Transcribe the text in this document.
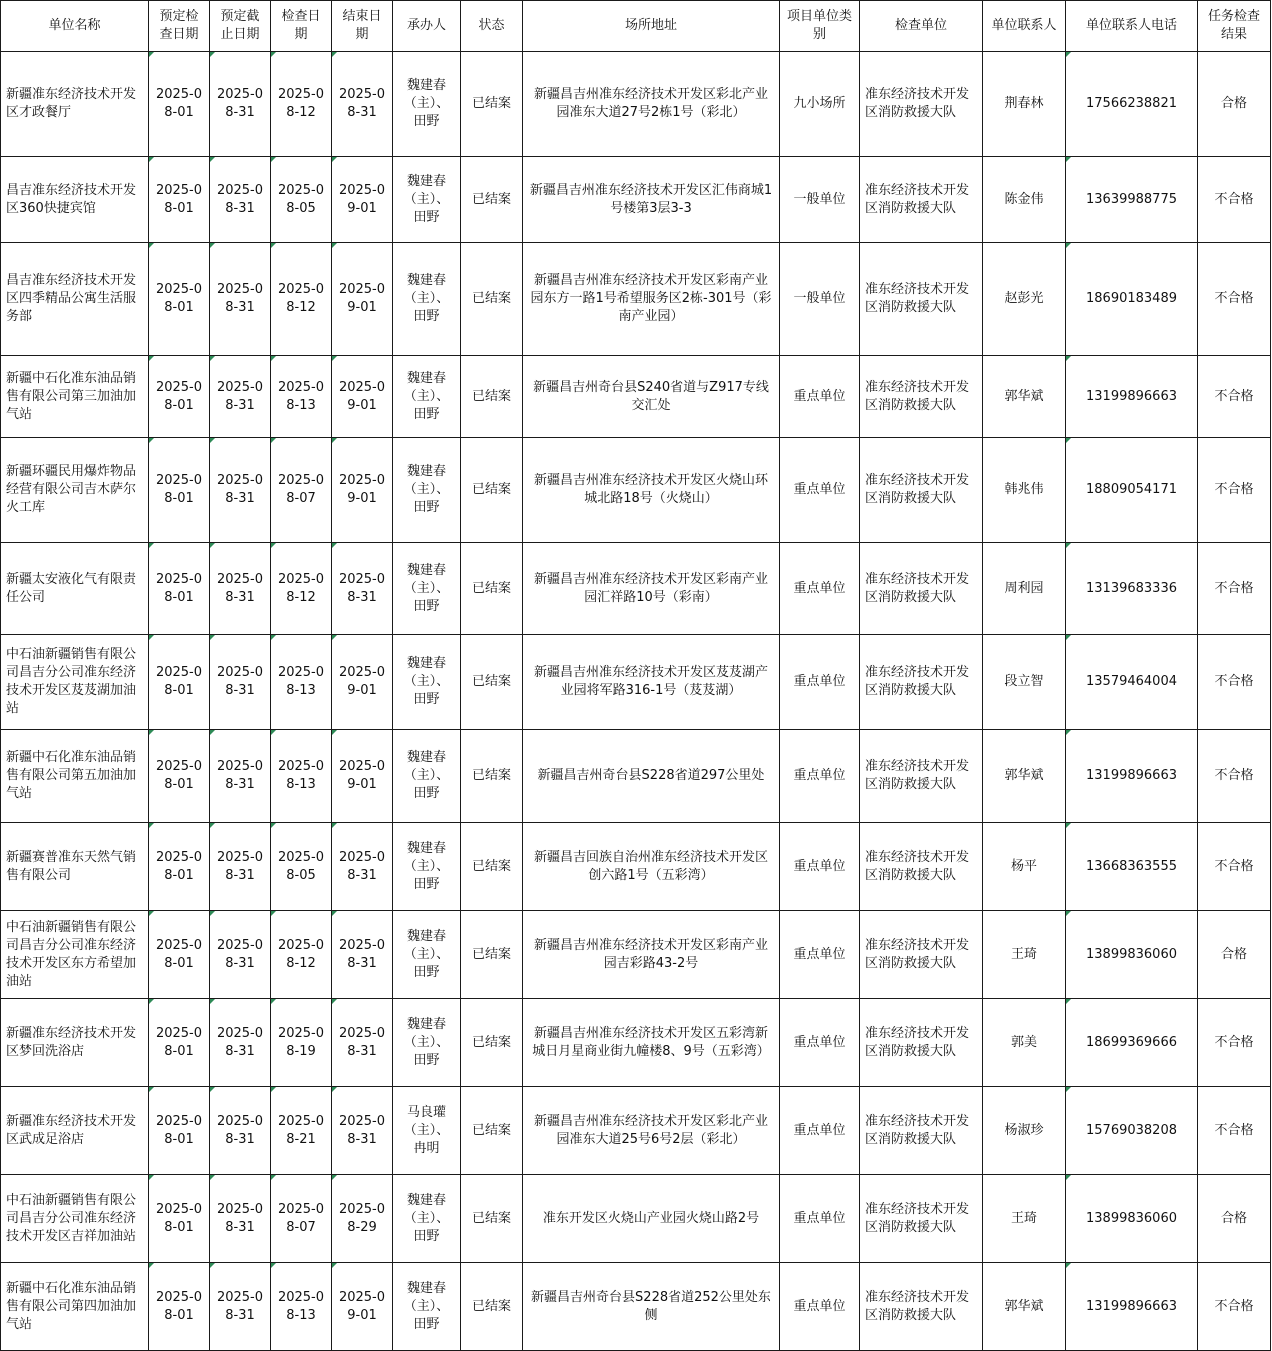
单位名称	预定检查日期	预定截止日期	检查日期	结束日期	承办人	状态	场所地址	项目单位类别	检查单位	单位联系人	单位联系人电话	任务检查结果
新疆准东经济技术开发区才政餐厅	2025-08-01	2025-08-31	2025-08-12	2025-08-31	魏建春（主）、田野	已结案	新疆昌吉州准东经济技术开发区彩北产业园准东大道27号2栋1号（彩北）	九小场所	准东经济技术开发区消防救援大队	荆春林	17566238821	合格
昌吉准东经济技术开发区360快捷宾馆	2025-08-01	2025-08-31	2025-08-05	2025-09-01	魏建春（主）、田野	已结案	新疆昌吉州准东经济技术开发区汇伟商城1号楼第3层3-3	一般单位	准东经济技术开发区消防救援大队	陈金伟	13639988775	不合格
昌吉准东经济技术开发区四季精品公寓生活服务部	2025-08-01	2025-08-31	2025-08-12	2025-09-01	魏建春（主）、田野	已结案	新疆昌吉州准东经济技术开发区彩南产业园东方一路1号希望服务区2栋-301号（彩南产业园）	一般单位	准东经济技术开发区消防救援大队	赵彭光	18690183489	不合格
新疆中石化准东油品销售有限公司第三加油加气站	2025-08-01	2025-08-31	2025-08-13	2025-09-01	魏建春（主）、田野	已结案	新疆昌吉州奇台县S240省道与Z917专线交汇处	重点单位	准东经济技术开发区消防救援大队	郭华斌	13199896663	不合格
新疆环疆民用爆炸物品经营有限公司吉木萨尔火工库	2025-08-01	2025-08-31	2025-08-07	2025-09-01	魏建春（主）、田野	已结案	新疆昌吉州准东经济技术开发区火烧山环城北路18号（火烧山）	重点单位	准东经济技术开发区消防救援大队	韩兆伟	18809054171	不合格
新疆太安液化气有限责任公司	2025-08-01	2025-08-31	2025-08-12	2025-08-31	魏建春（主）、田野	已结案	新疆昌吉州准东经济技术开发区彩南产业园汇祥路10号（彩南）	重点单位	准东经济技术开发区消防救援大队	周利园	13139683336	不合格
中石油新疆销售有限公司昌吉分公司准东经济技术开发区芨芨湖加油站	2025-08-01	2025-08-31	2025-08-13	2025-09-01	魏建春（主）、田野	已结案	新疆昌吉州准东经济技术开发区芨芨湖产业园将军路316-1号（芨芨湖）	重点单位	准东经济技术开发区消防救援大队	段立智	13579464004	不合格
新疆中石化准东油品销售有限公司第五加油加气站	2025-08-01	2025-08-31	2025-08-13	2025-09-01	魏建春（主）、田野	已结案	新疆昌吉州奇台县S228省道297公里处	重点单位	准东经济技术开发区消防救援大队	郭华斌	13199896663	不合格
新疆赛普准东天然气销售有限公司	2025-08-01	2025-08-31	2025-08-05	2025-08-31	魏建春（主）、田野	已结案	新疆昌吉回族自治州准东经济技术开发区创六路1号（五彩湾）	重点单位	准东经济技术开发区消防救援大队	杨平	13668363555	不合格
中石油新疆销售有限公司昌吉分公司准东经济技术开发区东方希望加油站	2025-08-01	2025-08-31	2025-08-12	2025-08-31	魏建春（主）、田野	已结案	新疆昌吉州准东经济技术开发区彩南产业园吉彩路43-2号	重点单位	准东经济技术开发区消防救援大队	王琦	13899836060	合格
新疆准东经济技术开发区梦回洗浴店	2025-08-01	2025-08-31	2025-08-19	2025-08-31	魏建春（主）、田野	已结案	新疆昌吉州准东经济技术开发区五彩湾新城日月星商业街九幢楼8、9号（五彩湾）	重点单位	准东经济技术开发区消防救援大队	郭美	18699369666	不合格
新疆准东经济技术开发区武成足浴店	2025-08-01	2025-08-31	2025-08-21	2025-08-31	马良瓘（主）、冉明	已结案	新疆昌吉州准东经济技术开发区彩北产业园准东大道25号6号2层（彩北）	重点单位	准东经济技术开发区消防救援大队	杨淑珍	15769038208	不合格
中石油新疆销售有限公司昌吉分公司准东经济技术开发区吉祥加油站	2025-08-01	2025-08-31	2025-08-07	2025-08-29	魏建春（主）、田野	已结案	准东开发区火烧山产业园火烧山路2号	重点单位	准东经济技术开发区消防救援大队	王琦	13899836060	合格
新疆中石化准东油品销售有限公司第四加油加气站	2025-08-01	2025-08-31	2025-08-13	2025-09-01	魏建春（主）、田野	已结案	新疆昌吉州奇台县S228省道252公里处东侧	重点单位	准东经济技术开发区消防救援大队	郭华斌	13199896663	不合格
